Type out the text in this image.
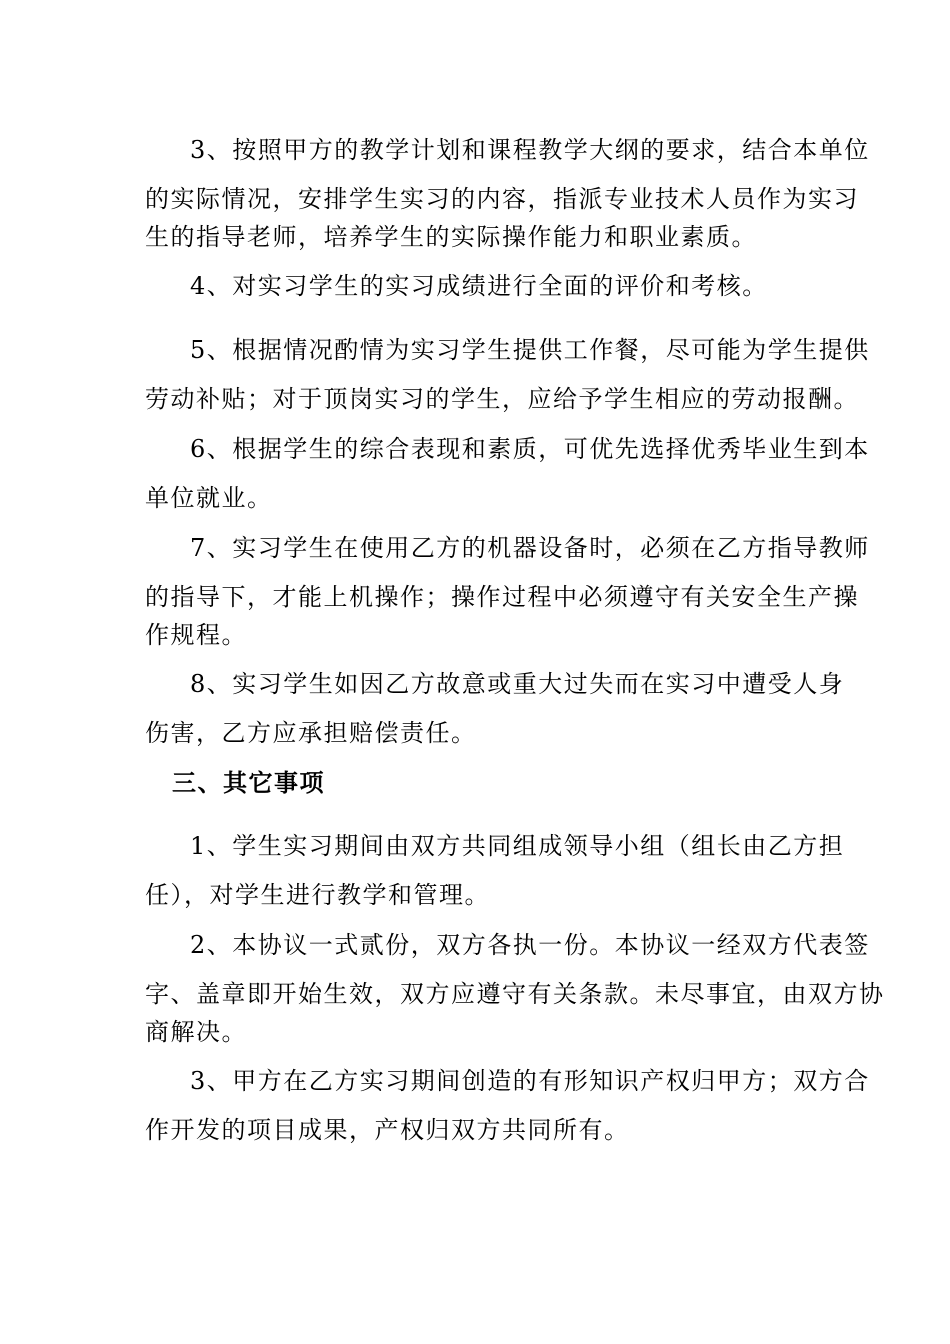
3、按照甲方的教学计划和课程教学大纲的要求，结合本单位
的实际情况，安排学生实习的内容，指派专业技术人员作为实习
生的指导老师，培养学生的实际操作能力和职业素质。
4、对实习学生的实习成绩进行全面的评价和考核。
5、根据情况酌情为实习学生提供工作餐，尽可能为学生提供
劳动补贴；对于顶岗实习的学生，应给予学生相应的劳动报酬。
6、根据学生的综合表现和素质，可优先选择优秀毕业生到本
单位就业。
7、实习学生在使用乙方的机器设备时，必须在乙方指导教师
的指导下，才能上机操作；操作过程中必须遵守有关安全生产操
作规程。
8、实习学生如因乙方故意或重大过失而在实习中遭受人身
伤害，乙方应承担赔偿责任。
三、其它事项
1、学生实习期间由双方共同组成领导小组（组长由乙方担
任），对学生进行教学和管理。
2、本协议一式贰份，双方各执一份。本协议一经双方代表签
字、盖章即开始生效，双方应遵守有关条款。未尽事宜，由双方协
商解决。
3、甲方在乙方实习期间创造的有形知识产权归甲方；双方合
作开发的项目成果，产权归双方共同所有。
